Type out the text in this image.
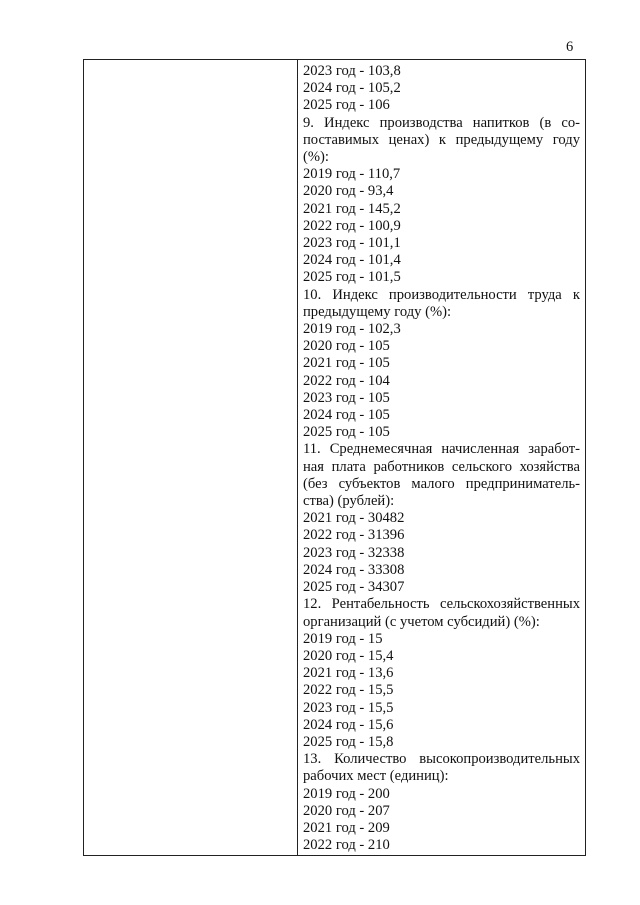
6
2023 год - 103,8
2024 год - 105,2
2025 год - 106
9. Индекс производства напитков (в со-
поставимых ценах) к предыдущему году
(%):
2019 год - 110,7
2020 год - 93,4
2021 год - 145,2
2022 год - 100,9
2023 год - 101,1
2024 год - 101,4
2025 год - 101,5
10. Индекс производительности труда к
предыдущему году (%):
2019 год - 102,3
2020 год - 105
2021 год - 105
2022 год - 104
2023 год - 105
2024 год - 105
2025 год - 105
11. Среднемесячная начисленная заработ-
ная плата работников сельского хозяйства
(без субъектов малого предприниматель-
ства) (рублей):
2021 год - 30482
2022 год - 31396
2023 год - 32338
2024 год - 33308
2025 год - 34307
12. Рентабельность сельскохозяйственных
организаций (с учетом субсидий) (%):
2019 год - 15
2020 год - 15,4
2021 год - 13,6
2022 год - 15,5
2023 год - 15,5
2024 год - 15,6
2025 год - 15,8
13. Количество высокопроизводительных
рабочих мест (единиц):
2019 год - 200
2020 год - 207
2021 год - 209
2022 год - 210
